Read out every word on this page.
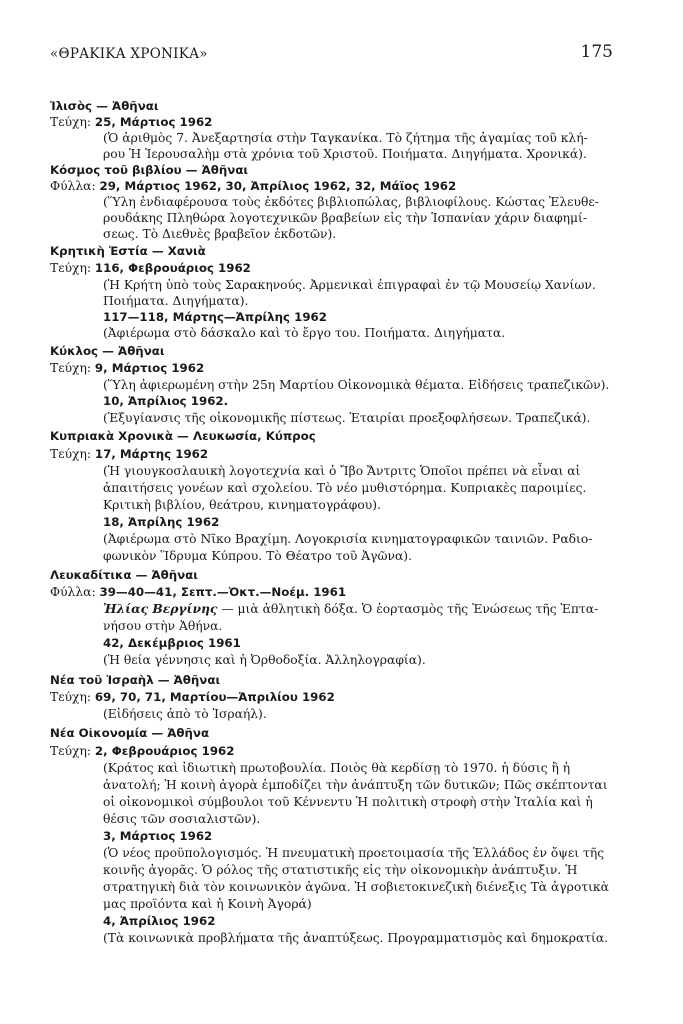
«ΘΡΑΚΙΚΑ ΧΡΟΝΙΚΑ»	175
Ἰλισὸς — Ἀθῆναι
Τεύχη: 25, Μάρτιος 1962
(Ὁ ἀριθμὸς 7. Ἀνεξαρτησία στὴν Ταγκανίκα. Τὸ ζήτημα τῆς ἀγαμίας τοῦ κλή-
ρου Ἡ Ἱερουσαλὴμ στὰ χρόνια τοῦ Χριστοῦ. Ποιήματα. Διηγήματα. Χρονικά).
Κόσμος τοῦ βιβλίου — Ἀθῆναι
Φύλλα: 29, Μάρτιος 1962, 30, Ἀπρίλιος 1962, 32, Μάϊος 1962
(Ὕλη ἐνδιαφέρουσα τοὺς ἐκδότες βιβλιοπώλας, βιβλιοφίλους. Κώστας Ἐλευθε-
ρουδάκης Πληθώρα λογοτεχνικῶν βραβείων εἰς τὴν Ἱσπανίαν χάριν διαφημί-
σεως. Τὸ Διεθνὲς βραβεῖον ἐκδοτῶν).
Κρητικὴ Ἑστία — Χανιὰ
Τεύχη: 116, Φεβρουάριος 1962
(Ἡ Κρήτη ὑπὸ τοὺς Σαρακηνούς. Ἀρμενικαὶ ἐπιγραφαὶ ἐν τῷ Μουσείῳ Χανίων.
Ποιήματα. Διηγήματα).
117—118, Μάρτης—Ἀπρίλης 1962
(Ἀφιέρωμα στὸ δάσκαλο καὶ τὸ ἔργο του. Ποιήματα. Διηγήματα.
Κύκλος — Ἀθῆναι
Τεύχη: 9, Μάρτιος 1962
(Ὕλη ἀφιερωμένη στὴν 25η Μαρτίου Οἰκονομικὰ θέματα. Εἰδήσεις τραπεζικῶν).
10, Ἀπρίλιος 1962.
(Ἐξυγίανσις τῆς οἰκονομικῆς πίστεως. Ἑταιρίαι προεξοφλήσεων. Τραπεζικά).
Κυπριακὰ Χρονικὰ — Λευκωσία, Κύπρος
Τεύχη: 17, Μάρτης 1962
(Ἡ γιουγκοσλαυικὴ λογοτεχνία καὶ ὁ Ἴβο Ἄντριτς Ὁποῖοι πρέπει νὰ εἶναι αἱ
ἀπαιτήσεις γονέων καὶ σχολείου. Τὸ νέο μυθιστόρημα. Κυπριακὲς παροιμίες.
Κριτικὴ βιβλίου, θεάτρου, κινηματογράφου).
18, Ἀπρίλης 1962
(Ἀφιέρωμα στὸ Νῖκο Βραχίμη. Λογοκρισία κινηματογραφικῶν ταινιῶν. Ραδιο-
φωνικὸν Ἵδρυμα Κύπρου. Τὸ Θέατρο τοῦ Ἀγῶνα).
Λευκαδίτικα — Ἀθῆναι
Φύλλα: 39—40—41, Σεπτ.—Ὀκτ.—Νοέμ. 1961
Ἠλίας Βεργίνης — μιὰ ἀθλητικὴ δόξα. Ὁ ἑορτασμὸς τῆς Ἑνώσεως τῆς Ἑπτα-
νήσου στὴν Ἀθήνα.
42, Δεκέμβριος 1961
(Ἡ θεία γέννησις καὶ ἡ Ὀρθοδοξία. Ἀλληλογραφία).
Νέα τοῦ Ἰσραὴλ — Ἀθῆναι
Τεύχη: 69, 70, 71, Μαρτίου—Ἀπριλίου 1962
(Εἰδήσεις ἀπὸ τὸ Ἰσραήλ).
Νέα Οἰκονομία — Ἀθῆνα
Τεύχη: 2, Φεβρουάριος 1962
(Κράτος καὶ ἰδιωτικὴ πρωτοβουλία. Ποιὸς θὰ κερδίσῃ τὸ 1970. ἡ δύσις ἢ ἡ
ἀνατολή; Ἡ κοινὴ ἀγορὰ ἐμποδίζει τὴν ἀνάπτυξη τῶν δυτικῶν; Πῶς σκέπτονται
οἱ οἰκονομικοὶ σύμβουλοι τοῦ Κέννεντυ Ἡ πολιτικὴ στροφὴ στὴν Ἰταλία καὶ ἡ
θέσις τῶν σοσιαλιστῶν).
3, Μάρτιος 1962
(Ὁ νέος προϋπολογισμός. Ἡ πνευματικὴ προετοιμασία τῆς Ἑλλάδος ἐν ὄψει τῆς
κοινῆς ἀγορᾶς. Ὁ ρόλος τῆς στατιστικῆς εἰς τὴν οἰκονομικὴν ἀνάπτυξιν. Ἡ
στρατηγικὴ διὰ τὸν κοινωνικὸν ἀγῶνα. Ἡ σοβιετοκινεζικὴ διένεξις Τὰ ἀγροτικὰ
μας προϊόντα καὶ ἡ Κοινὴ Ἀγορά)
4, Ἀπρίλιος 1962
(Τὰ κοινωνικὰ προβλήματα τῆς ἀναπτύξεως. Προγραμματισμὸς καὶ δημοκρατία.
